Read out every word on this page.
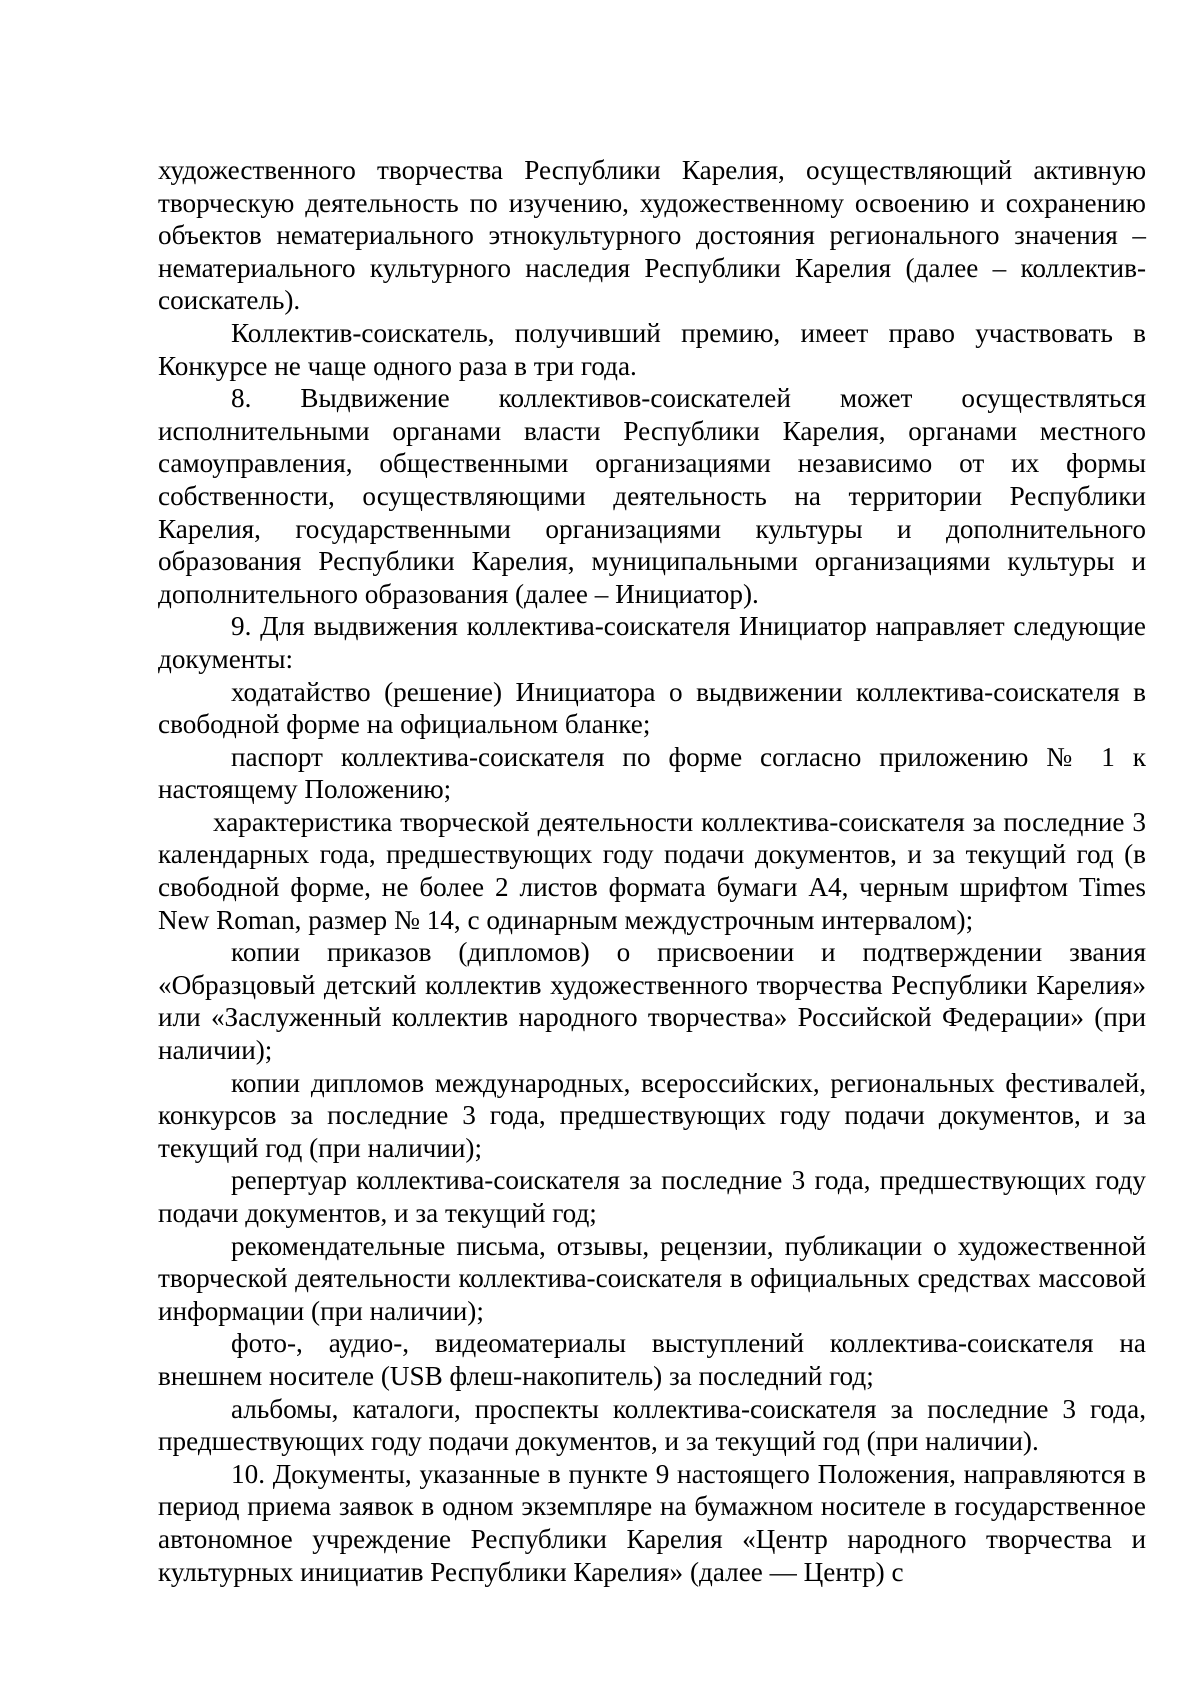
художественного творчества Республики Карелия, осуществляющий активную творческую деятельность по изучению, художественному освоению и сохранению объектов нематериального этнокультурного достояния регионального значения – нематериального культурного наследия Республики Карелия (далее – коллектив-соискатель).

Коллектив-соискатель, получивший премию, имеет право участвовать в Конкурсе не чаще одного раза в три года.

8. Выдвижение коллективов-соискателей может осуществляться исполнительными органами власти Республики Карелия, органами местного самоуправления, общественными организациями независимо от их формы собственности, осуществляющими деятельность на территории Республики Карелия, государственными организациями культуры и дополнительного образования Республики Карелия, муниципальными организациями культуры и дополнительного образования (далее – Инициатор).

9. Для выдвижения коллектива-соискателя Инициатор направляет следующие документы:

ходатайство (решение) Инициатора о выдвижении коллектива-соискателя в свободной форме на официальном бланке;

паспорт коллектива-соискателя по форме согласно приложению № 1 к настоящему Положению;

характеристика творческой деятельности коллектива-соискателя за последние 3 календарных года, предшествующих году подачи документов, и за текущий год (в свободной форме, не более 2 листов формата бумаги А4, черным шрифтом Times New Roman, размер № 14, с одинарным междустрочным интервалом);

копии приказов (дипломов) о присвоении и подтверждении звания «Образцовый детский коллектив художественного творчества Республики Карелия» или «Заслуженный коллектив народного творчества» Российской Федерации» (при наличии);

копии дипломов международных, всероссийских, региональных фестивалей, конкурсов за последние 3 года, предшествующих году подачи документов, и за текущий год (при наличии);

репертуар коллектива-соискателя за последние 3 года, предшествующих году подачи документов, и за текущий год;

рекомендательные письма, отзывы, рецензии, публикации о художественной творческой деятельности коллектива-соискателя в официальных средствах массовой информации (при наличии);

фото-, аудио-, видеоматериалы выступлений коллектива-соискателя на внешнем носителе (USB флеш-накопитель) за последний год;

альбомы, каталоги, проспекты коллектива-соискателя за последние 3 года, предшествующих году подачи документов, и за текущий год (при наличии).

10. Документы, указанные в пункте 9 настоящего Положения, направляются в период приема заявок в одном экземпляре на бумажном носителе в государственное автономное учреждение Республики Карелия «Центр народного творчества и культурных инициатив Республики Карелия» (далее — Центр) с
